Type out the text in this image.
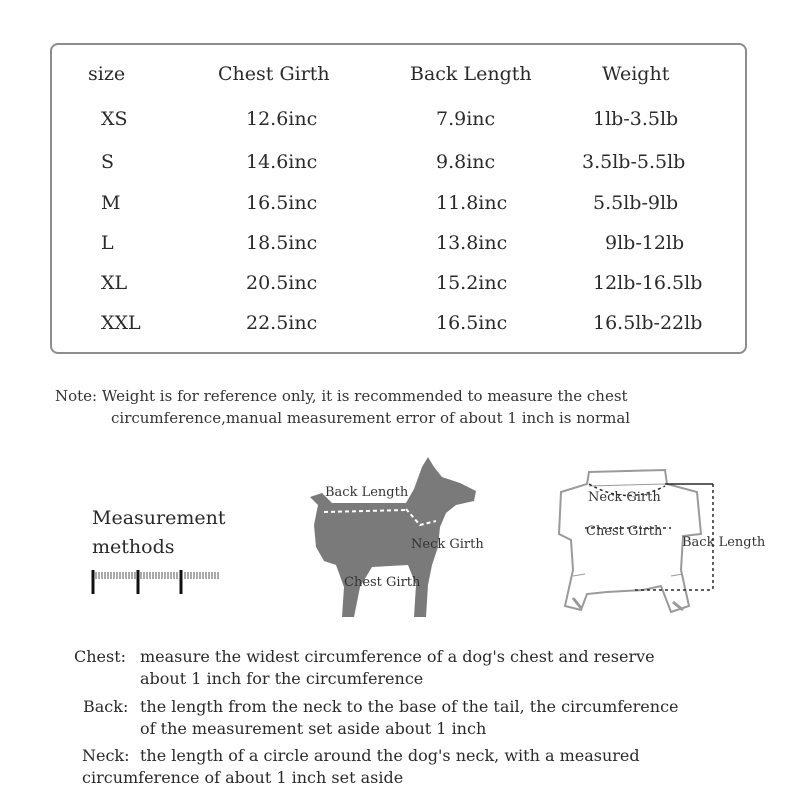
size	Chest Girth	Back Length	Weight
XS	12.6inc	7.9inc	1lb-3.5lb
S	14.6inc	9.8inc	3.5lb-5.5lb
M	16.5inc	11.8inc	5.5lb-9lb
L	18.5inc	13.8inc	9lb-12lb
XL	20.5inc	15.2inc	12lb-16.5lb
XXL	22.5inc	16.5inc	16.5lb-22lb
Note: Weight is for reference only, it is recommended to measure the chest
circumference,manual measurement error of about 1 inch is normal
Measurement
methods
Back Length
Neck Girth
Chest Girth
Neck Girth
Chest Girth
Back Length
Chest: measure the widest circumference of a dog's chest and reserve
about 1 inch for the circumference
Back: the length from the neck to the base of the tail, the circumference
of the measurement set aside about 1 inch
Neck: the length of a circle around the dog's neck, with a measured
circumference of about 1 inch set aside
